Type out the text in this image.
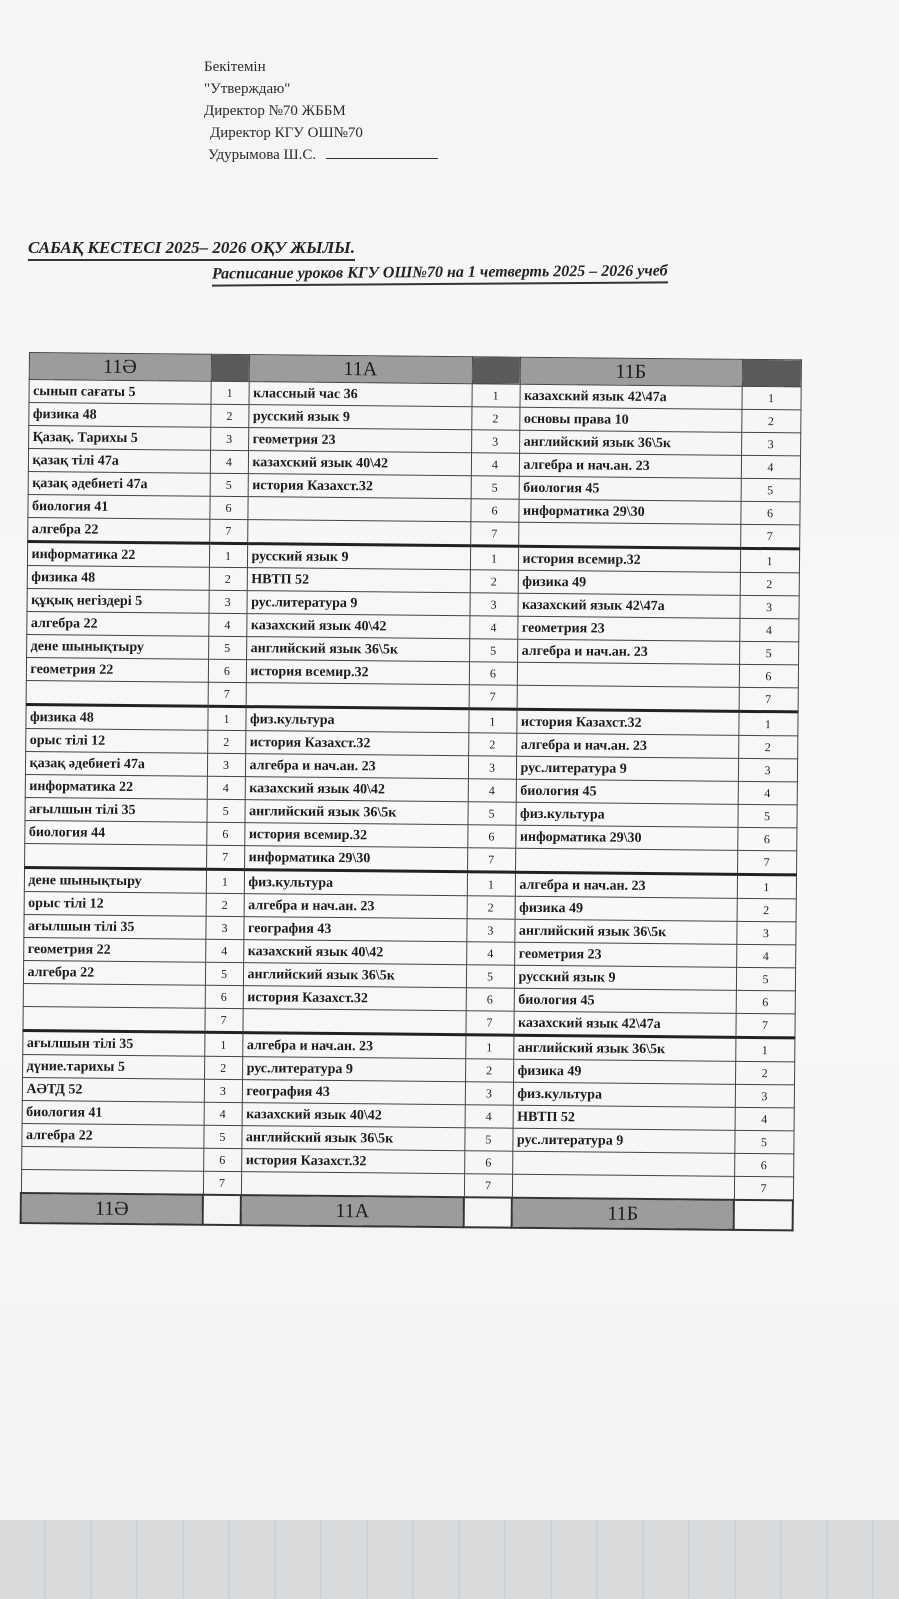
Бекітемін
"Утверждаю"
Директор №70 ЖББМ
Директор КГУ ОШ№70
Удурымова Ш.С.
САБАҚ КЕСТЕСІ 2025– 2026 ОҚУ ЖЫЛЫ.
Расписание уроков КГУ ОШ№70 на 1 четверть 2025 – 2026 учеб
11Ә		11А		11Б	
сынып сағаты 5	1	классный час 36	1	казахский язык 42\47а	1
физика 48	2	русский язык 9	2	основы права 10	2
Қазақ. Тарихы 5	3	геометрия 23	3	английский язык 36\5к	3
қазақ тілі 47а	4	казахский язык 40\42	4	алгебра и нач.ан. 23	4
қазақ әдебиеті 47а	5	история Казахст.32	5	биология 45	5
биология 41	6		6	информатика 29\30	6
алгебра 22	7		7		7
информатика 22	1	русский язык 9	1	история всемир.32	1
физика 48	2	НВТП 52	2	физика 49	2
құқық негіздері 5	3	рус.литература 9	3	казахский язык 42\47а	3
алгебра 22	4	казахский язык 40\42	4	геометрия 23	4
дене шынықтыру	5	английский язык 36\5к	5	алгебра и нач.ан. 23	5
геометрия 22	6	история всемир.32	6		6
	7		7		7
физика 48	1	физ.культура	1	история Казахст.32	1
орыс тілі 12	2	история Казахст.32	2	алгебра и нач.ан. 23	2
қазақ әдебиеті 47а	3	алгебра и нач.ан. 23	3	рус.литература 9	3
информатика 22	4	казахский язык 40\42	4	биология 45	4
ағылшын тілі 35	5	английский язык 36\5к	5	физ.культура	5
биология 44	6	история всемир.32	6	информатика 29\30	6
	7	информатика 29\30	7		7
дене шынықтыру	1	физ.культура	1	алгебра и нач.ан. 23	1
орыс тілі 12	2	алгебра и нач.ан. 23	2	физика 49	2
ағылшын тілі 35	3	география 43	3	английский язык 36\5к	3
геометрия 22	4	казахский язык 40\42	4	геометрия 23	4
алгебра 22	5	английский язык 36\5к	5	русский язык 9	5
	6	история Казахст.32	6	биология 45	6
	7		7	казахский язык 42\47а	7
ағылшын тілі 35	1	алгебра и нач.ан. 23	1	английский язык 36\5к	1
дүние.тарихы 5	2	рус.литература 9	2	физика 49	2
АӘТД 52	3	география 43	3	физ.культура	3
биология 41	4	казахский язык 40\42	4	НВТП 52	4
алгебра 22	5	английский язык 36\5к	5	рус.литература 9	5
	6	история Казахст.32	6		6
	7		7		7
11Ә		11А		11Б	
